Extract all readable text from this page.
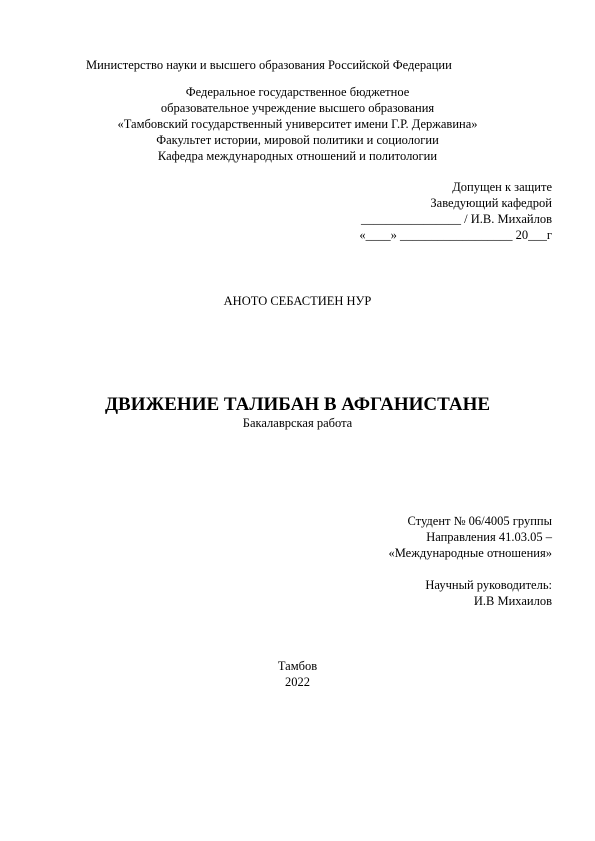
Министерство науки и высшего образования Российской Федерации
Федеральное государственное бюджетное
образовательное учреждение высшего образования
«Тамбовский государственный университет имени Г.Р. Державина»
Факультет истории, мировой политики и социологии
Кафедра международных отношений и политологии
Допущен к защите
Заведующий кафедрой
________________ / И.В. Михайлов
«____» __________________ 20___г
АНОТО СЕБАСТИЕН НУР
ДВИЖЕНИЕ ТАЛИБАН В АФГАНИСТАНЕ
Бакалаврская работа
Студент № 06/4005 группы
Направления 41.03.05 –
«Международные отношения»
Научный руководитель:
И.В Михаилов
Тамбов
2022
